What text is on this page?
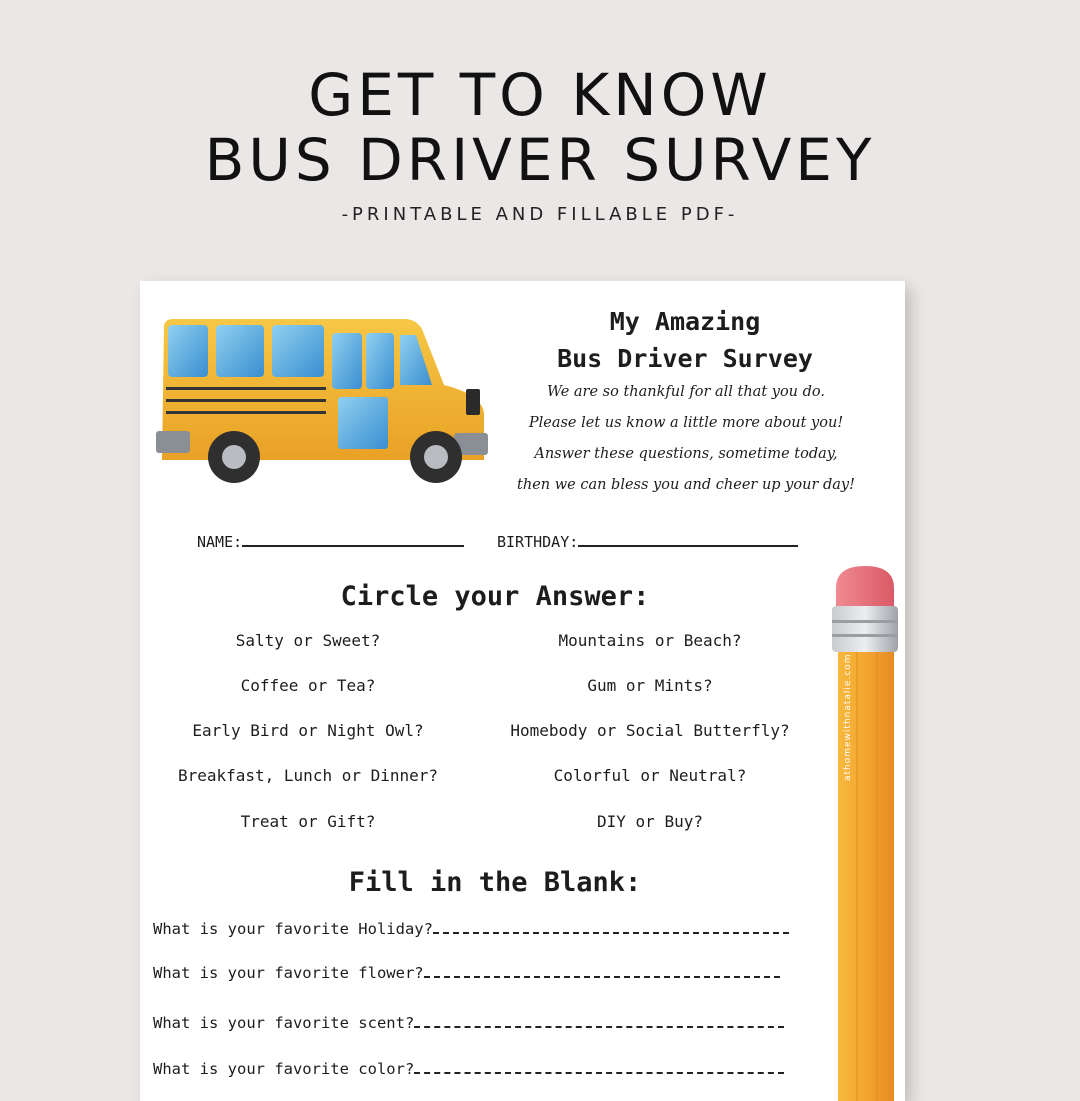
GET TO KNOW
BUS DRIVER SURVEY
-PRINTABLE AND FILLABLE PDF-
My Amazing
Bus Driver Survey
We are so thankful for all that you do.
Please let us know a little more about you!
Answer these questions, sometime today,
then we can bless you and cheer up your day!
NAME:	BIRTHDAY:
Circle your Answer:
Salty or Sweet?	Mountains or Beach?
Coffee or Tea?	Gum or Mints?
Early Bird or Night Owl?	Homebody or Social Butterfly?
Breakfast, Lunch or Dinner?	Colorful or Neutral?
Treat or Gift?	DIY or Buy?
Fill in the Blank:
What is your favorite Holiday?
What is your favorite flower?
What is your favorite scent?
What is your favorite color?
